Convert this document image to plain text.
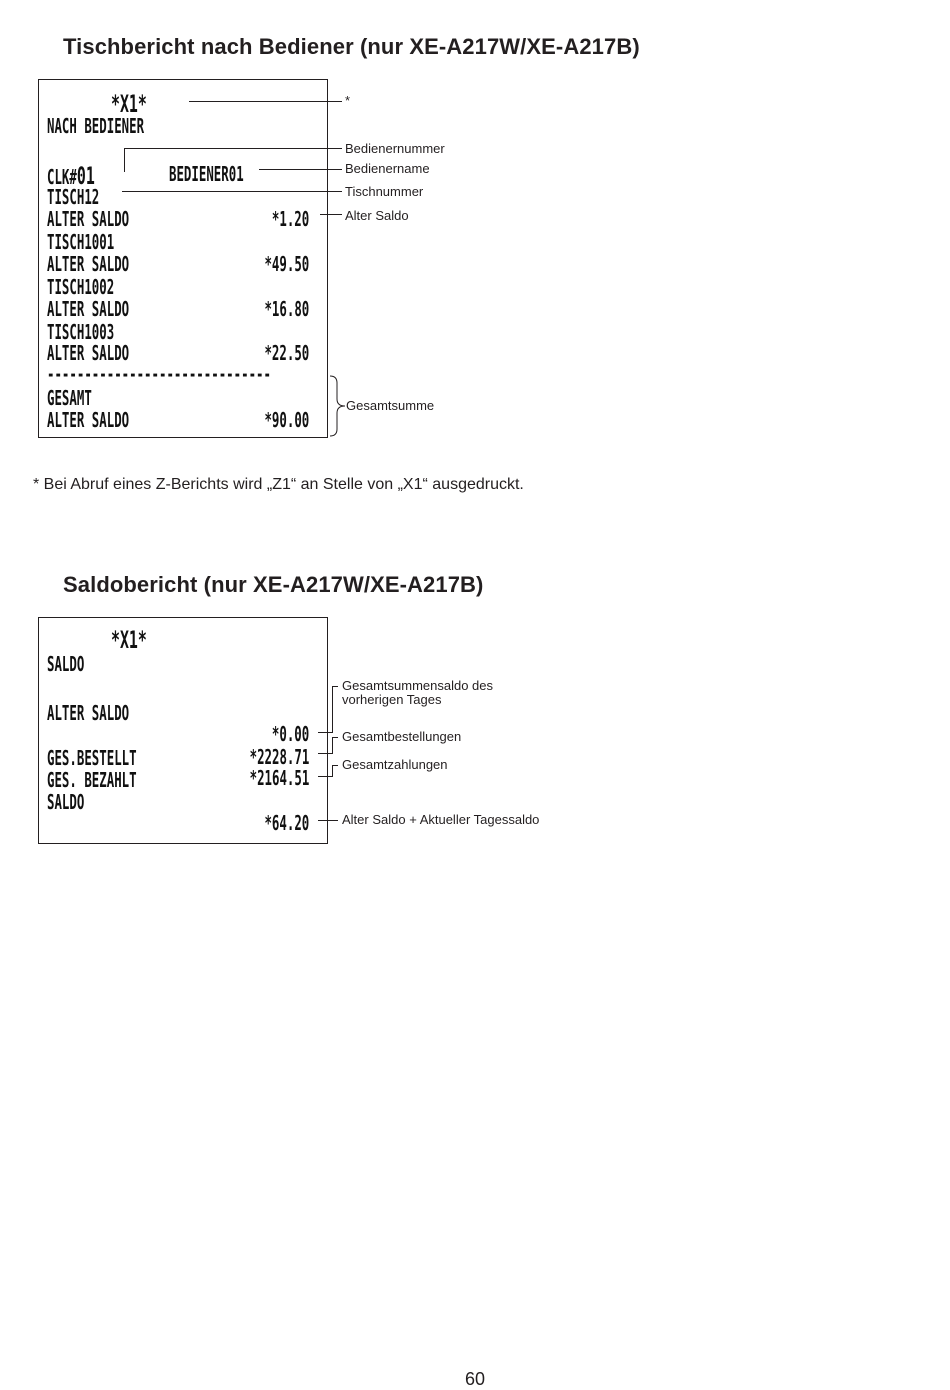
Tischbericht nach Bediener (nur XE-A217W/XE-A217B)
*X1*
NACH BEDIENER
CLK#01	BEDIENER01
TISCH12
ALTER SALDO	*1.20
TISCH1001
ALTER SALDO	*49.50
TISCH1002
ALTER SALDO	*16.80
TISCH1003
ALTER SALDO	*22.50
------------------------------
GESAMT
ALTER SALDO	*90.00
*
Bedienernummer
Bedienername
Tischnummer
Alter Saldo
Gesamtsumme

* Bei Abruf eines Z-Berichts wird „Z1“ an Stelle von „X1“ ausgedruckt.

Saldobericht (nur XE-A217W/XE-A217B)
*X1*
SALDO
ALTER SALDO
*0.00
GES.BESTELLT	*2228.71
GES. BEZAHLT	*2164.51
SALDO
*64.20
Gesamtsummensaldo des
vorherigen Tages
Gesamtbestellungen
Gesamtzahlungen
Alter Saldo + Aktueller Tagessaldo
60
